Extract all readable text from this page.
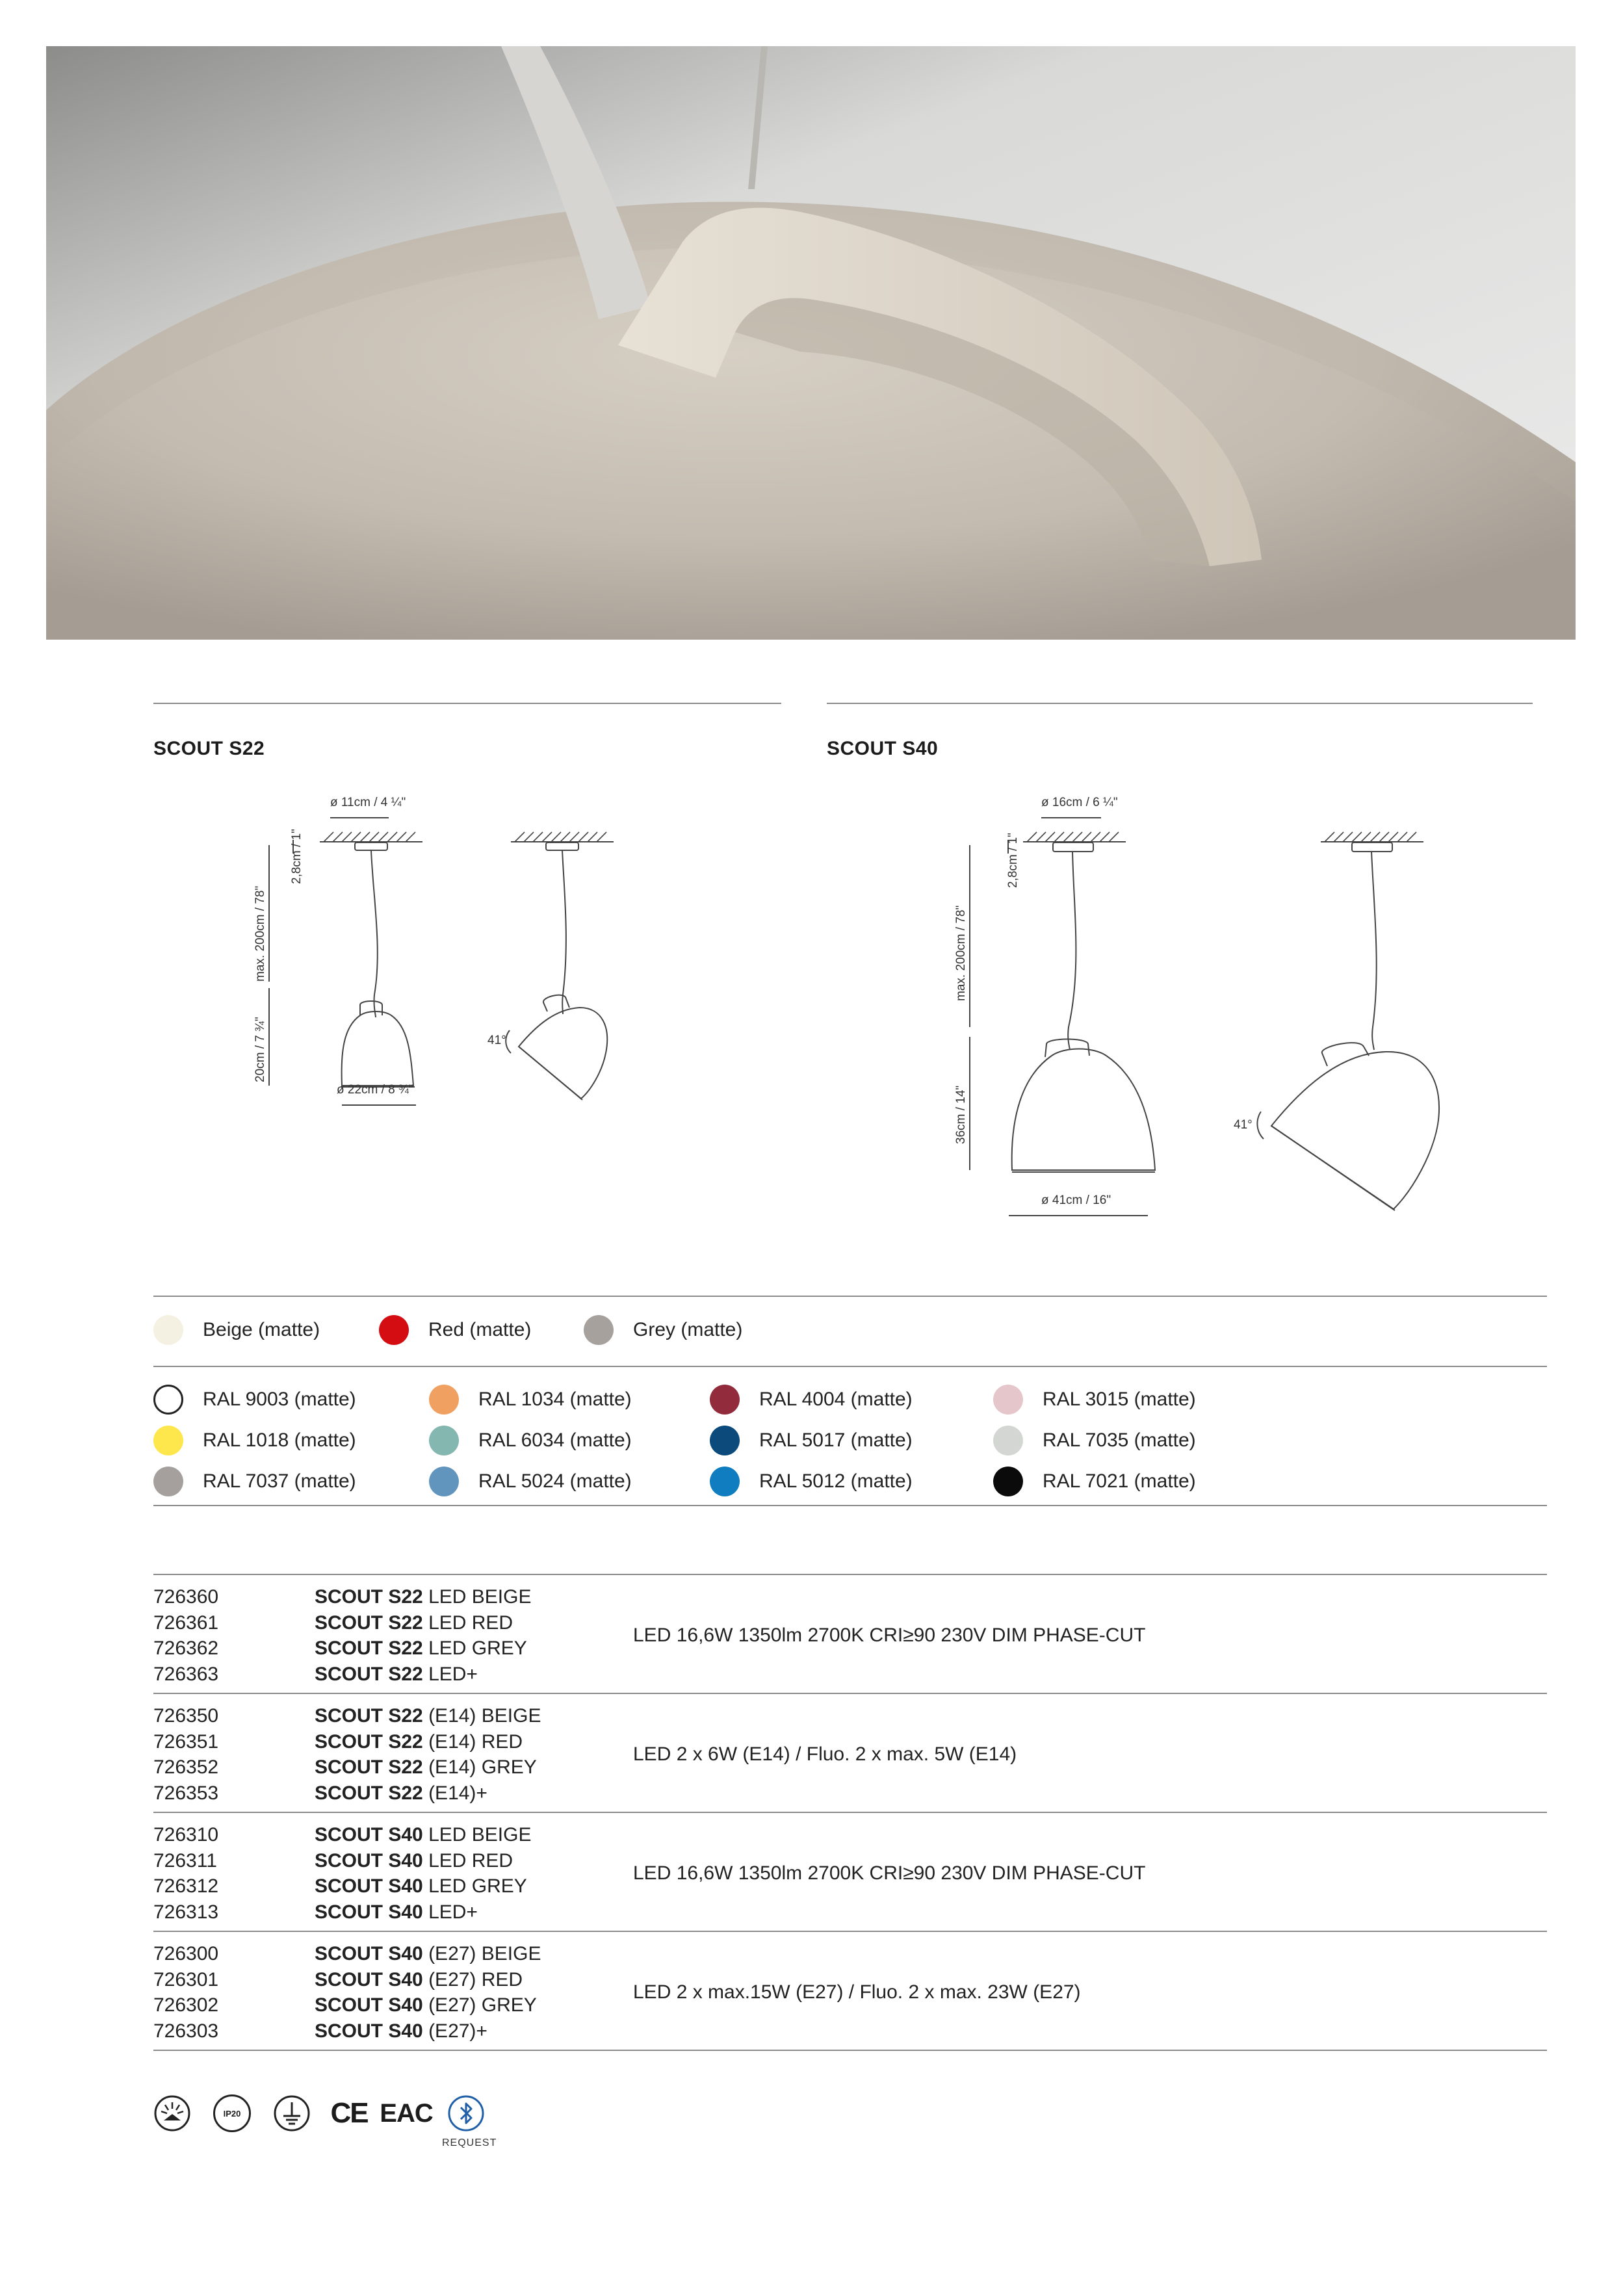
SCOUT S22	SCOUT S40
ø 11cm / 4 ¼"
2,8cm / 1"
max. 200cm / 78"
20cm / 7 ¾"
ø 22cm / 8 ¾"
41°
ø 16cm / 6 ¼"
2,8cm / 1"
max. 200cm / 78"
36cm / 14"
ø 41cm / 16"
41°
Beige (matte)	Red (matte)	Grey (matte)
RAL 9003 (matte)	RAL 1034 (matte)	RAL 4004 (matte)	RAL 3015 (matte)
RAL 1018 (matte)	RAL 6034 (matte)	RAL 5017 (matte)	RAL 7035 (matte)
RAL 7037 (matte)	RAL 5024 (matte)	RAL 5012 (matte)	RAL 7021 (matte)
726360	SCOUT S22 LED BEIGE
726361	SCOUT S22 LED RED
726362	SCOUT S22 LED GREY
726363	SCOUT S22 LED+
LED 16,6W 1350lm 2700K CRI≥90 230V DIM PHASE-CUT
726350	SCOUT S22 (E14) BEIGE
726351	SCOUT S22 (E14) RED
726352	SCOUT S22 (E14) GREY
726353	SCOUT S22 (E14)+
LED 2 x 6W (E14) / Fluo. 2 x max. 5W (E14)
726310	SCOUT S40 LED BEIGE
726311	SCOUT S40 LED RED
726312	SCOUT S40 LED GREY
726313	SCOUT S40 LED+
LED 16,6W 1350lm 2700K CRI≥90 230V DIM PHASE-CUT
726300	SCOUT S40 (E27) BEIGE
726301	SCOUT S40 (E27) RED
726302	SCOUT S40 (E27) GREY
726303	SCOUT S40 (E27)+
LED 2 x max.15W (E27) / Fluo. 2 x max. 23W (E27)
IP20	CE EAC
REQUEST
